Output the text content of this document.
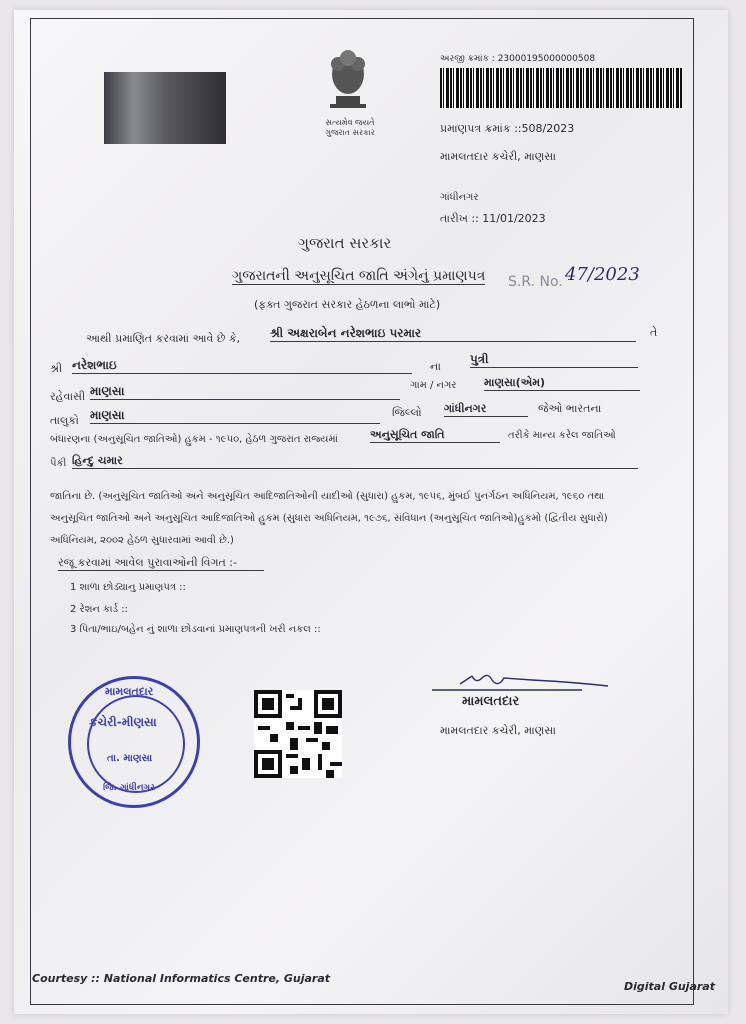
સત્યમેવ જયતે
ગુજરાત સરકાર
અરજી ક્રમાંક : 23000195000000508
પ્રમાણપત્ર ક્રમાંક ::508/2023
મામલતદાર કચેરી, માણસા
ગાંધીનગર
તારીખ :: 11/01/2023
ગુજરાત સરકાર
ગુજરાતની અનુસૂચિત જાતિ અંગેનું પ્રમાણપત્ર S.R. No. 47/2023
(ફક્ત ગુજરાત સરકાર હેઠળના લાભો માટે)
આથી પ્રમાણિત કરવામાં આવે છે કે, શ્રી અક્ષરાબેન નરેશભાઇ પરમાર	તે
શ્રી નરેશભાઇ	ના
પુત્રી
રહેવાસી માણસા	ગામ / નગર	માણસા(એમ)
તાલુકો માણસા	જિલ્લો ગાંધીનગર	જેઓ ભારતના
બંધારણના (અનુસૂચિત જાતિઓ) હુકમ - ૧૯૫૦, હેઠળ ગુજરાત રાજ્યમાં	અનુસૂચિત જાતિ	તરીકે માન્ય કરેલ જાતિઓ
પૈકી હિન્દુ ચમાર
જાતિના છે. (અનુસૂચિત જાતિઓ અને અનુસૂચિત આદિજાતિઓની યાદીઓ (સુધારા) હુકમ, ૧૯૫૬, મુંબઈ પુનર્ગઠન અધિનિયમ, ૧૯૬૦ તથા અનુસૂચિત જાતિઓ અને અનુસૂચિત આદિજાતિઓ હુકમ (સુધારા અધિનિયમ, ૧૯૭૬, સંવિધાન (અનુસૂચિત જાતિઓ)હુકમો (દ્વિતીય સુધારો) અધિનિયમ, ૨૦૦૨ હેઠળ સુધારવામાં આવી છે.)
રજૂ કરવામાં આવેલ પુરાવાઓની વિગત :-
1 શાળા છોડ્યાનુ પ્રમાણપત્ર ::
2 રેશન કાર્ડ ::
3 પિતા/ભાઇ/બહેન નું શાળા છોડવાનાં પ્રમાણપત્રની ખરી નકલ ::
મામલતદાર
કચેરી-મીણસા
તા. માણસા
જિ. ગાંધીનગર
મામલતદાર
મામલતદાર કચેરી, માણસા
Courtesy :: National Informatics Centre, Gujarat
Digital Gujarat
